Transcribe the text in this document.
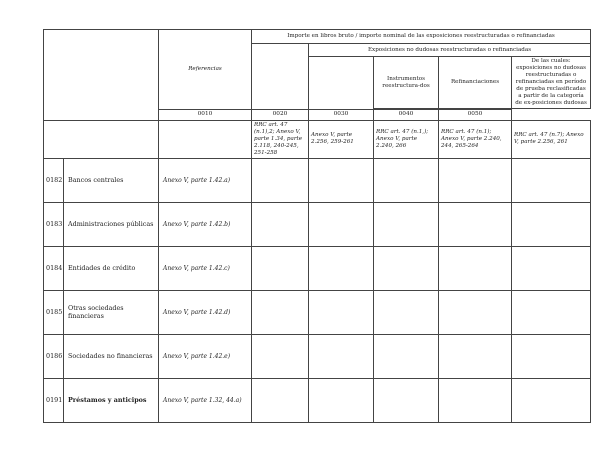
		Referencias	Importe en libros bruto / importe nominal de las exposiciones reestructuradas o refinanciadas				
				Exposiciones no dudosas reestructuradas o refinanciadas			
					Instrumentos reestructura-dos	Refinanciaciones	De las cuales: exposiciones no dudosas reestructuradas o refinanciadas en período de prueba reclasificadas a partir de la categoría de ex-posiciones dudosas

		0010	0020	0030	0040	0050	
			RRC art. 47 (n.1),2; Anexo V, parte 1.34, parte 2.118, 240-245, 251-258	Anexo V, parte 2.256, 259-261	RRC art. 47 (n.1,); Anexo V, parte 2.240, 266	RRC art. 47 (n.1); Anexo V, parte 2.240, 244, 265-264	RRC art. 47 (n.7); Anexo V, parte 2.256, 261
0182	Bancos centrales	Anexo V, parte 1.42.a)					
0183	Administraciones públicas	Anexo V, parte 1.42.b)					
0184	Entidades de crédito	Anexo V, parte 1.42.c)					
0185	Otras sociedades financieras	Anexo V, parte 1.42.d)					
0186	Sociedades no financieras	Anexo V, parte 1.42.e)					
0191	Préstamos y anticipos	Anexo V, parte 1.32, 44.a)					
